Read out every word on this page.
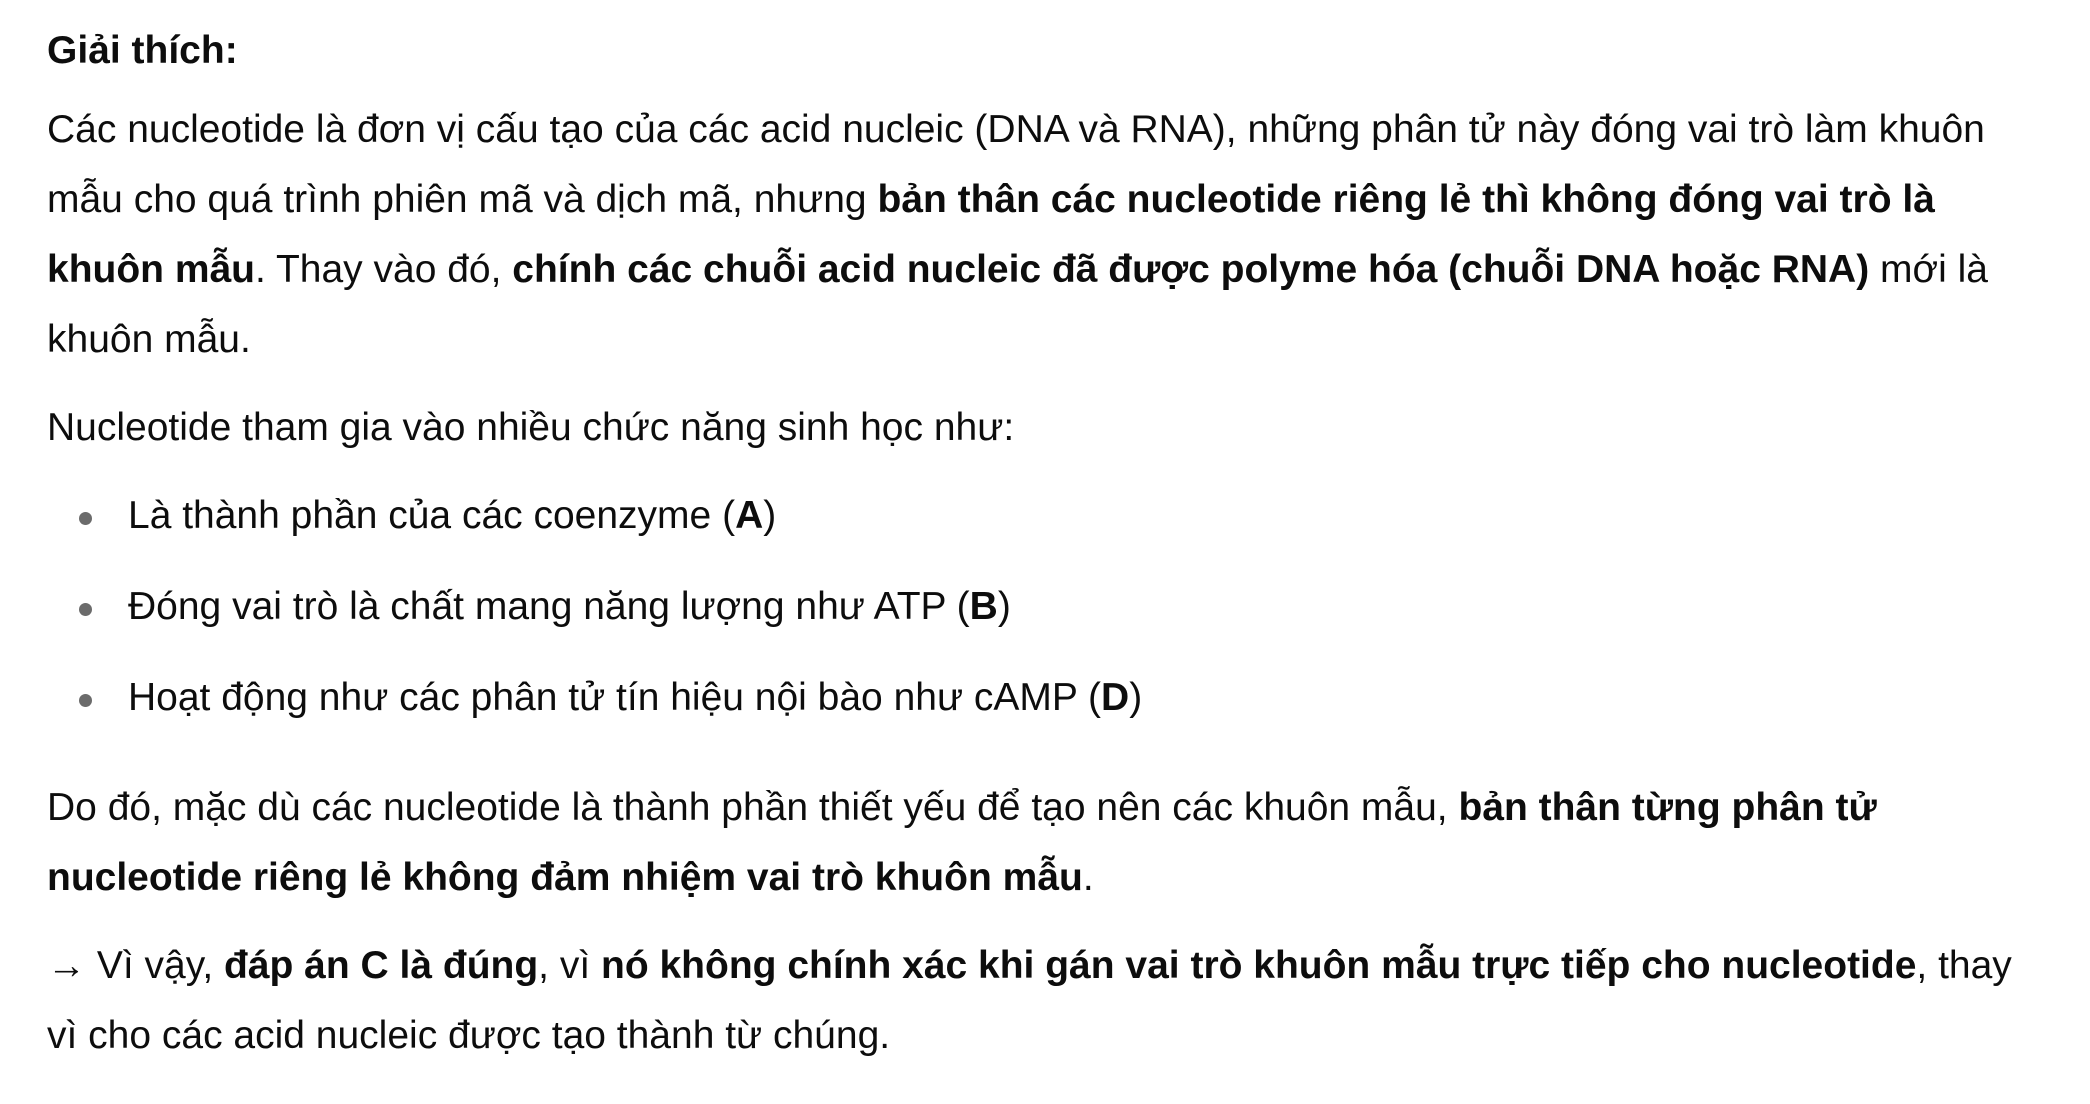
Giải thích:

Các nucleotide là đơn vị cấu tạo của các acid nucleic (DNA và RNA), những phân tử này đóng vai trò làm khuôn mẫu cho quá trình phiên mã và dịch mã, nhưng bản thân các nucleotide riêng lẻ thì không đóng vai trò là khuôn mẫu. Thay vào đó, chính các chuỗi acid nucleic đã được polyme hóa (chuỗi DNA hoặc RNA) mới là khuôn mẫu.

Nucleotide tham gia vào nhiều chức năng sinh học như:

Là thành phần của các coenzyme (A)
Đóng vai trò là chất mang năng lượng như ATP (B)
Hoạt động như các phân tử tín hiệu nội bào như cAMP (D)

Do đó, mặc dù các nucleotide là thành phần thiết yếu để tạo nên các khuôn mẫu, bản thân từng phân tử nucleotide riêng lẻ không đảm nhiệm vai trò khuôn mẫu.

→ Vì vậy, đáp án C là đúng, vì nó không chính xác khi gán vai trò khuôn mẫu trực tiếp cho nucleotide, thay vì cho các acid nucleic được tạo thành từ chúng.
